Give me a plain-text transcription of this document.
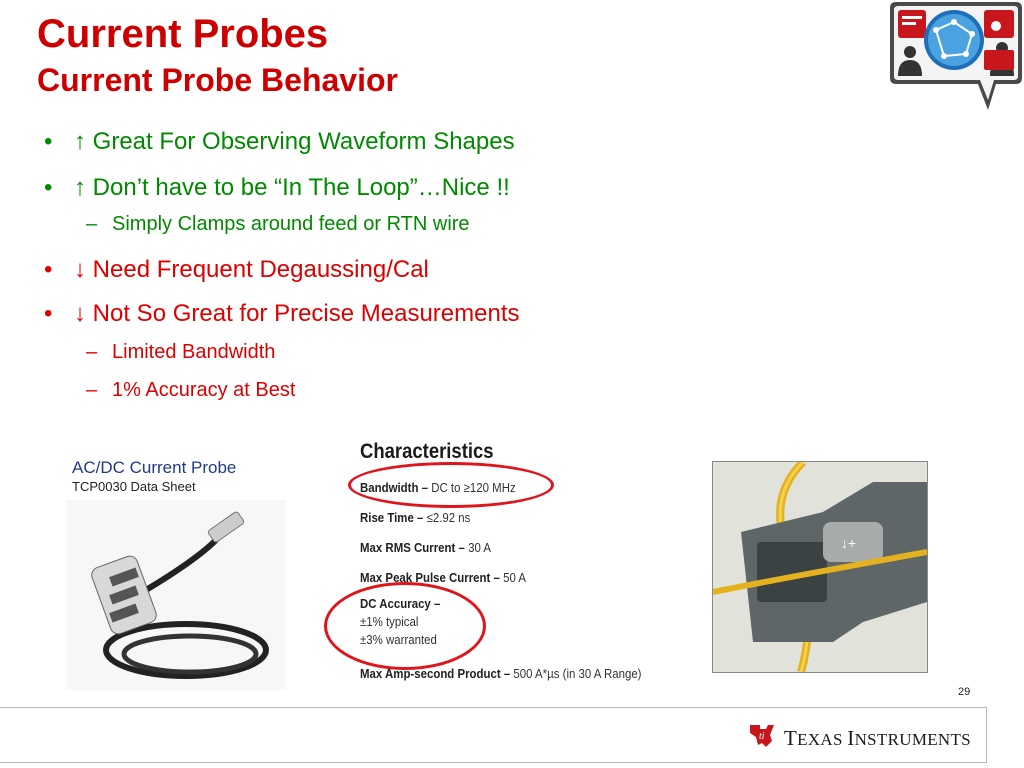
Current Probes
Current Probe Behavior
• ↑ Great For Observing Waveform Shapes
• ↑ Don’t have to be “In The Loop”…Nice !!
– Simply Clamps around feed or RTN wire
• ↓ Need Frequent Degaussing/Cal
• ↓ Not So Great for Precise Measurements
– Limited Bandwidth
– 1% Accuracy at Best
AC/DC Current Probe
TCP0030 Data Sheet
Characteristics
Bandwidth – DC to ≥120 MHz
Rise Time – ≤2.92 ns
Max RMS Current – 30 A
Max Peak Pulse Current – 50 A
DC Accuracy –
±1% typical
±3% warranted
Max Amp-second Product – 500 A*µs (in 30 A Range)
↓+
29
ti TEXAS INSTRUMENTS
